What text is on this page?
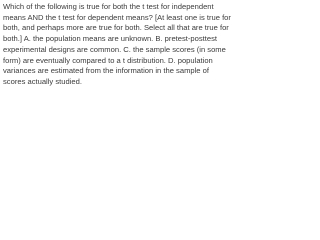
Which of the following is true for both the t test for independent means AND the t test for dependent means? [At least one is true for both, and perhaps more are true for both. Select all that are true for both.] A. the population means are unknown. B. pretest-posttest experimental designs are common. C. the sample scores (in some form) are eventually compared to a t distribution. D. population variances are estimated from the information in the sample of scores actually studied.
